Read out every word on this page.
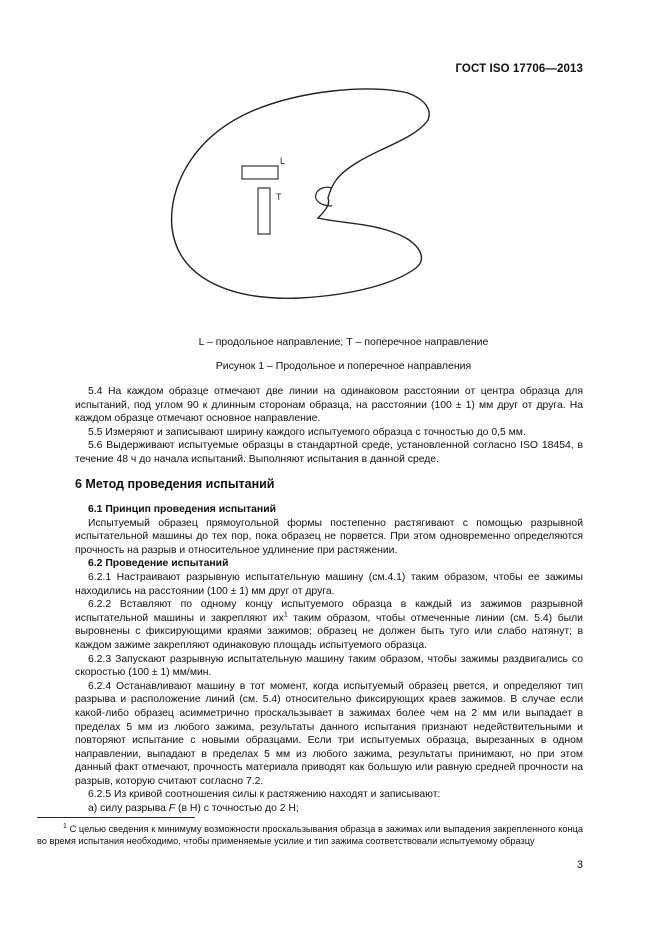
ГОСТ ISO 17706—2013
L
T
L – продольное направление; Т – поперечное направление
Рисунок 1 – Продольное и поперечное направления

5.4 На каждом образце отмечают две линии на одинаковом расстоянии от центра образца для испытаний, под углом 90 к длинным сторонам образца, на расстоянии (100 ± 1) мм друг от друга. На каждом образце отмечают основное направление.

5.5 Измеряют и записывают ширину каждого испытуемого образца с точностью до 0,5 мм.

5.6 Выдерживают испытуемые образцы в стандартной среде, установленной согласно ISO 18454, в течение 48 ч до начала испытаний. Выполняют испытания в данной среде.

6 Метод проведения испытаний

6.1 Принцип проведения испытаний

Испытуемый образец прямоугольной формы постепенно растягивают с помощью разрывной испытательной машины до тех пор, пока образец не порвется. При этом одновременно определяются прочность на разрыв и относительное удлинение при растяжении.

6.2 Проведение испытаний

6.2.1 Настраивают разрывную испытательную машину (см.4.1) таким образом, чтобы ее зажимы находились на расстоянии (100 ± 1) мм друг от друга.

6.2.2 Вставляют по одному концу испытуемого образца в каждый из зажимов разрывной испытательной машины и закрепляют $их^1$ таким образом, чтобы отмеченные линии (см. 5.4) были выровнены с фиксирующими краями зажимов; образец не должен быть туго или слабо натянут; в каждом зажиме закрепляют одинаковую площадь испытуемого образца.

6.2.3 Запускают разрывную испытательную машину таким образом, чтобы зажимы раздвигались со скоростью (100 ± 1) мм/мин.

6.2.4 Останавливают машину в тот момент, когда испытуемый образец рвется, и определяют тип разрыва и расположение линий (см. 5.4) относительно фиксирующих краев зажимов. В случае если какой-либо образец асимметрично проскальзывает в зажимах более чем на 2 мм или выпадает в пределах 5 мм из любого зажима, результаты данного испытания признают недействительными и повторяют испытание с новыми образцами. Если три испытуемых образца, вырезанных в одном направлении, выпадают в пределах 5 мм из любого зажима, результаты принимают, но при этом данный факт отмечают, прочность материала приводят как большую или равную средней прочности на разрыв, которую считают согласно 7.2.

6.2.5 Из кривой соотношения силы к растяжению находят и записывают:

а) силу разрыва F (в Н) с точностью до 2 Н;

$^1$ С целью сведения к минимуму возможности проскальзывания образца в зажимах или выпадения закрепленного конца во время испытания необходимо, чтобы применяемые усилие и тип зажима соответствовали испытуемому образцу
3
